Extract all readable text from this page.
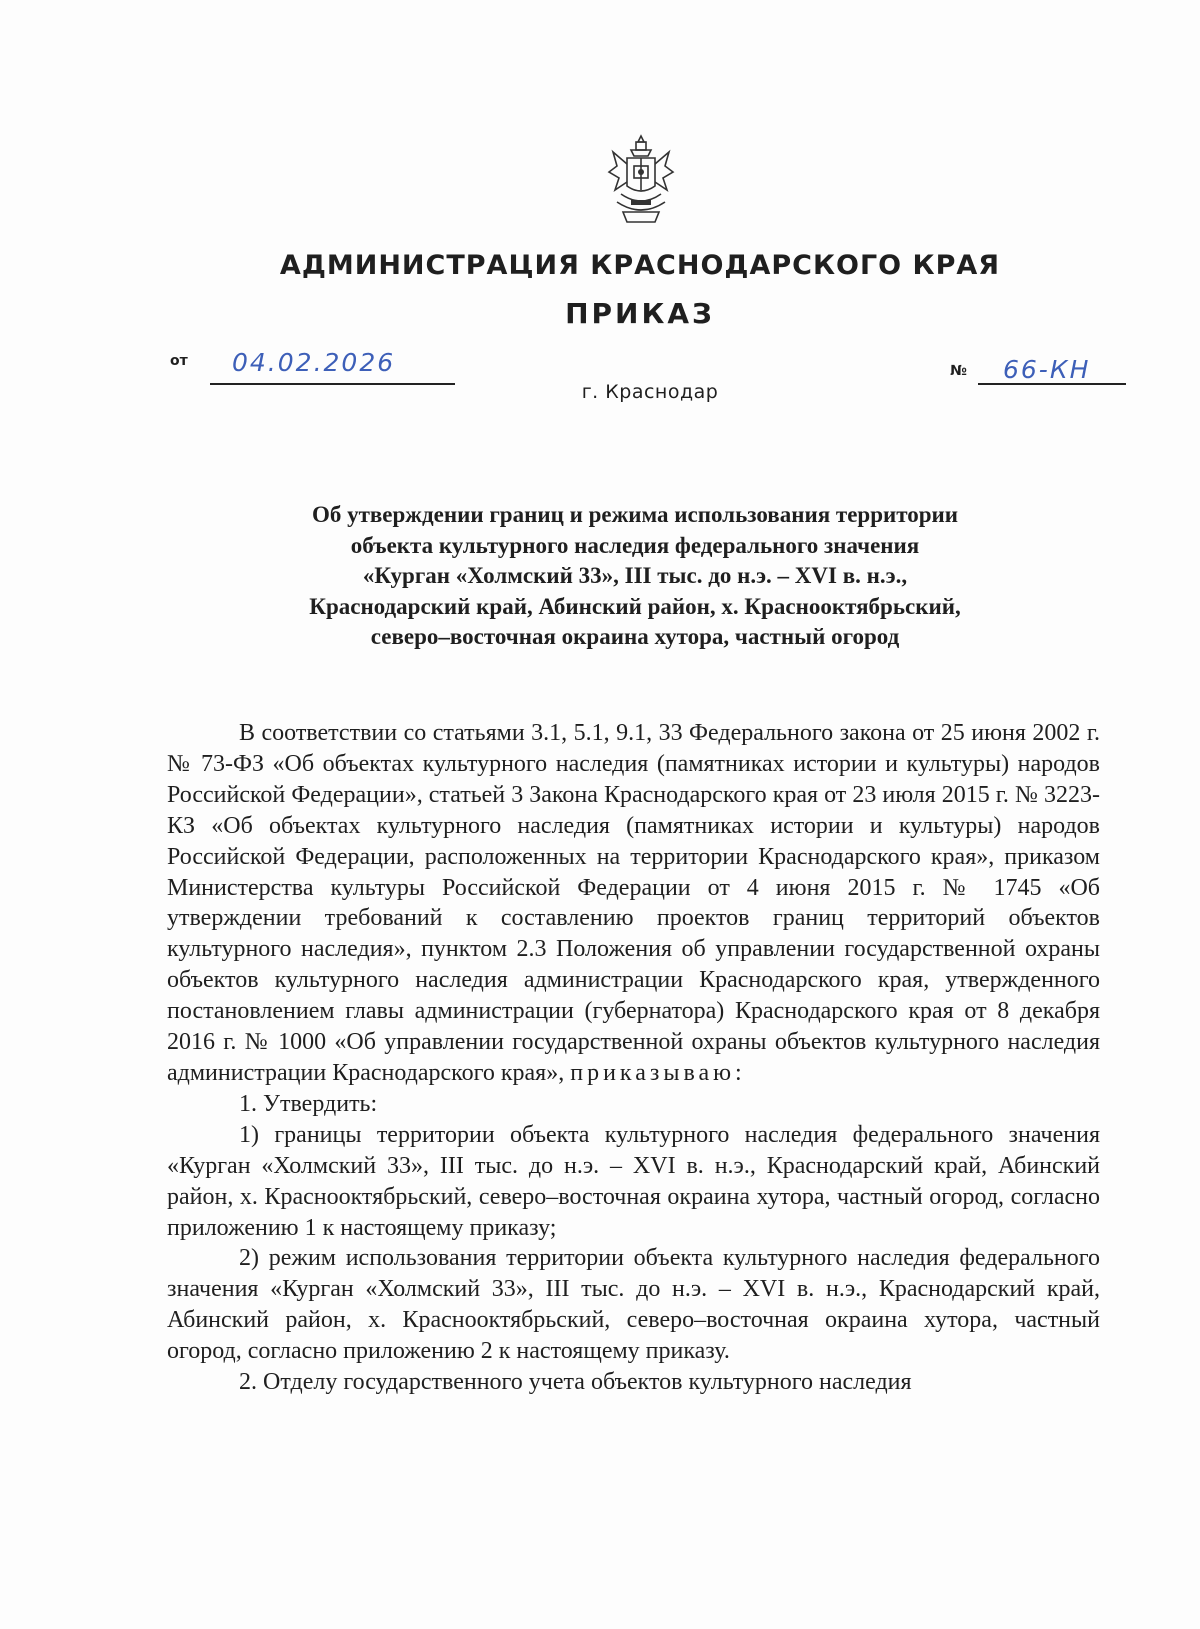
АДМИНИСТРАЦИЯ КРАСНОДАРСКОГО КРАЯ
ПРИКАЗ
от 04.02.2026	№ 66-КН
г. Краснодар
Об утверждении границ и режима использования территории
объекта культурного наследия федерального значения
«Курган «Холмский 33», III тыс. до н.э. – XVI в. н.э.,
Краснодарский край, Абинский район, х. Краснооктябрьский,
северо–восточная окраина хутора, частный огород

В соответствии со статьями 3.1, 5.1, 9.1, 33 Федерального закона от 25 июня 2002 г. № 73-ФЗ «Об объектах культурного наследия (памятниках истории и культуры) народов Российской Федерации», статьей 3 Закона Краснодарского края от 23 июля 2015 г. № 3223-КЗ «Об объектах культурного наследия (памятниках истории и культуры) народов Российской Федерации, расположенных на территории Краснодарского края», приказом Министерства культуры Российской Федерации от 4 июня 2015 г. № 1745 «Об утверждении требований к составлению проектов границ территорий объектов культурного наследия», пунктом 2.3 Положения об управлении государственной охраны объектов культурного наследия администрации Краснодарского края, утвержденного постановлением главы администрации (губернатора) Краснодарского края от 8 декабря 2016 г. № 1000 «Об управлении государственной охраны объектов культурного наследия администрации Краснодарского края», приказываю:

1. Утвердить:

1) границы территории объекта культурного наследия федерального значения «Курган «Холмский 33», III тыс. до н.э. – XVI в. н.э., Краснодарский край, Абинский район, х. Краснооктябрьский, северо–восточная окраина хутора, частный огород, согласно приложению 1 к настоящему приказу;

2) режим использования территории объекта культурного наследия федерального значения «Курган «Холмский 33», III тыс. до н.э. – XVI в. н.э., Краснодарский край, Абинский район, х. Краснооктябрьский, северо–восточная окраина хутора, частный огород, согласно приложению 2 к настоящему приказу.

2. Отделу государственного учета объектов культурного наследия
